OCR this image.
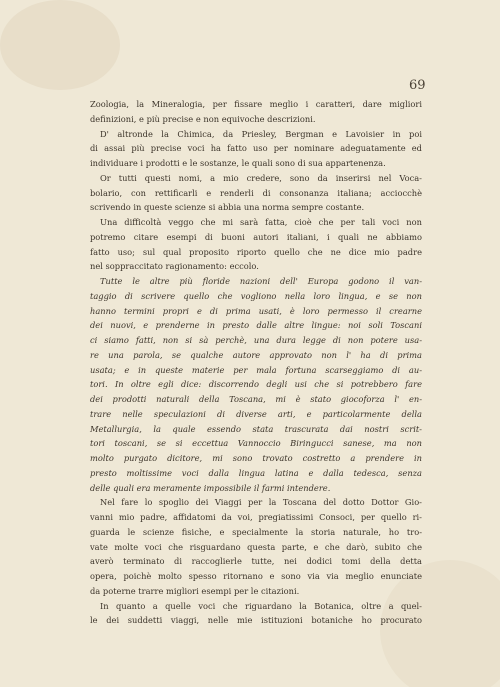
69
Zoologia, la Mineralogia, per fissare meglio i caratteri, dare migliori
definizioni, e più precise e non equivoche descrizioni.
D' altronde la Chimica, da Priesley, Bergman e Lavoisier in poi
di assai più precise voci ha fatto uso per nominare adeguatamente ed
individuare i prodotti e le sostanze, le quali sono di sua appartenenza.
Or tutti questi nomi, a mio credere, sono da inserirsi nel Voca-
bolario, con rettificarli e renderli di consonanza italiana; acciocchè
scrivendo in queste scienze si abbia una norma sempre costante.
Una difficoltà veggo che mi sarà fatta, cioè che per tali voci non
potremo citare esempi di buoni autori italiani, i quali ne abbiamo
fatto uso; sul qual proposito riporto quello che ne dice mio padre
nel soppraccitato ragionamento: eccolo.
Tutte le altre più floride nazioni dell' Europa godono il van-
taggio di scrivere quello che vogliono nella loro lingua, e se non
hanno termini propri e di prima usati, è loro permesso il crearne
dei nuovi, e prenderne in presto dalle altre lingue: noi soli Toscani
ci siamo fatti, non si sà perchè, una dura legge di non potere usa-
re una parola, se qualche autore approvato non l' ha di prima
usata; e in queste materie per mala fortuna scarseggiamo di au-
tori. In oltre egli dice: discorrendo degli usi che si potrebbero fare
dei prodotti naturali della Toscana, mi è stato giocoforza l' en-
trare nelle speculazioni di diverse arti, e particolarmente della
Metallurgia, la quale essendo stata trascurata dai nostri scrit-
tori toscani, se si eccettua Vannoccio Biringucci sanese, ma non
molto purgato dicitore, mi sono trovato costretto a prendere in
presto moltissime voci dalla lingua latina e dalla tedesca, senza
delle quali era meramente impossibile il farmi intendere.
Nel fare lo spoglio dei Viaggi per la Toscana del dotto Dottor Gio-
vanni mio padre, affidatomi da voi, pregiatissimi Consoci, per quello ri-
guarda le scienze fisiche, e specialmente la storia naturale, ho tro-
vate molte voci che risguardano questa parte, e che darò, subito che
averò terminato di raccoglierle tutte, nei dodici tomi della detta
opera, poichè molto spesso ritornano e sono via via meglio enunciate
da poterne trarre migliori esempi per le citazioni.
In quanto a quelle voci che riguardano la Botanica, oltre a quel-
le dei suddetti viaggi, nelle mie istituzioni botaniche ho procurato
